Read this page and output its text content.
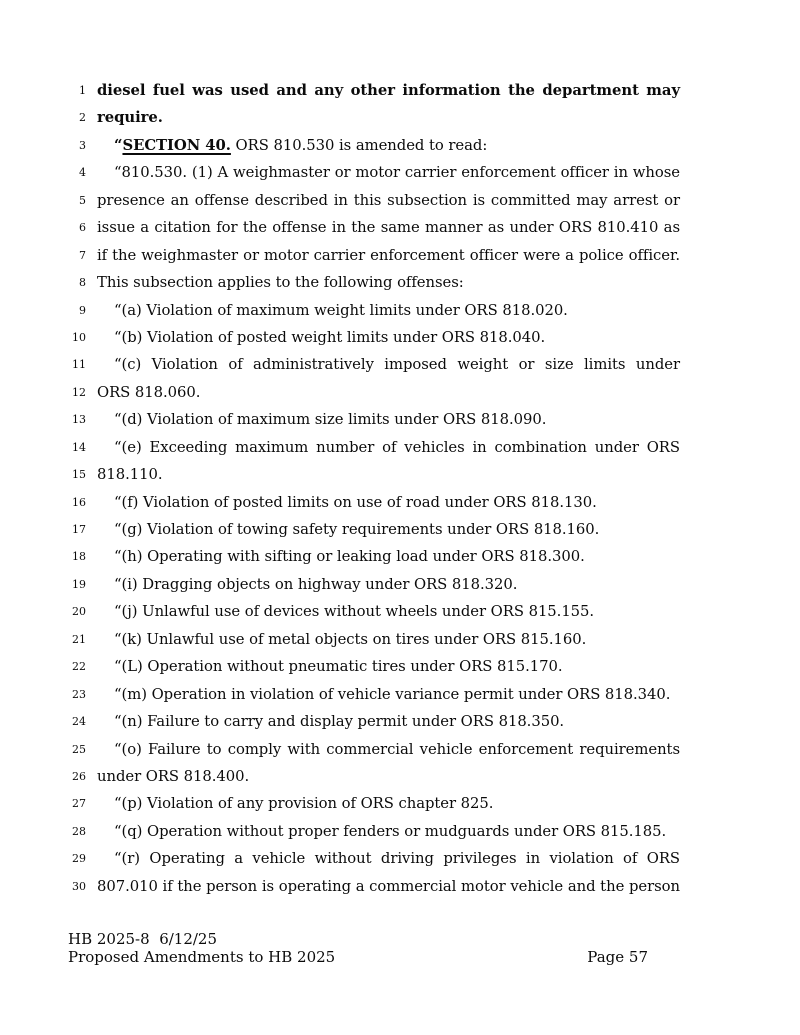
1 diesel fuel was used and any other information the department may
2 require.
3	“SECTION 40. ORS 810.530 is amended to read:
4	“810.530. (1) A weighmaster or motor carrier enforcement officer in whose
5 presence an offense described in this subsection is committed may arrest or
6 issue a citation for the offense in the same manner as under ORS 810.410 as
7 if the weighmaster or motor carrier enforcement officer were a police officer.
8 This subsection applies to the following offenses:
9	“(a) Violation of maximum weight limits under ORS 818.020.
10	“(b) Violation of posted weight limits under ORS 818.040.
11	“(c) Violation of administratively imposed weight or size limits under
12 ORS 818.060.
13	“(d) Violation of maximum size limits under ORS 818.090.
14	“(e) Exceeding maximum number of vehicles in combination under ORS
15 818.110.
16	“(f) Violation of posted limits on use of road under ORS 818.130.
17	“(g) Violation of towing safety requirements under ORS 818.160.
18	“(h) Operating with sifting or leaking load under ORS 818.300.
19	“(i) Dragging objects on highway under ORS 818.320.
20	“(j) Unlawful use of devices without wheels under ORS 815.155.
21	“(k) Unlawful use of metal objects on tires under ORS 815.160.
22	“(L) Operation without pneumatic tires under ORS 815.170.
23	“(m) Operation in violation of vehicle variance permit under ORS 818.340.
24	“(n) Failure to carry and display permit under ORS 818.350.
25	“(o) Failure to comply with commercial vehicle enforcement requirements
26 under ORS 818.400.
27	“(p) Violation of any provision of ORS chapter 825.
28	“(q) Operation without proper fenders or mudguards under ORS 815.185.
29	“(r) Operating a vehicle without driving privileges in violation of ORS
30 807.010 if the person is operating a commercial motor vehicle and the person
HB 2025-8  6/12/25
Proposed Amendments to HB 2025	Page 57
